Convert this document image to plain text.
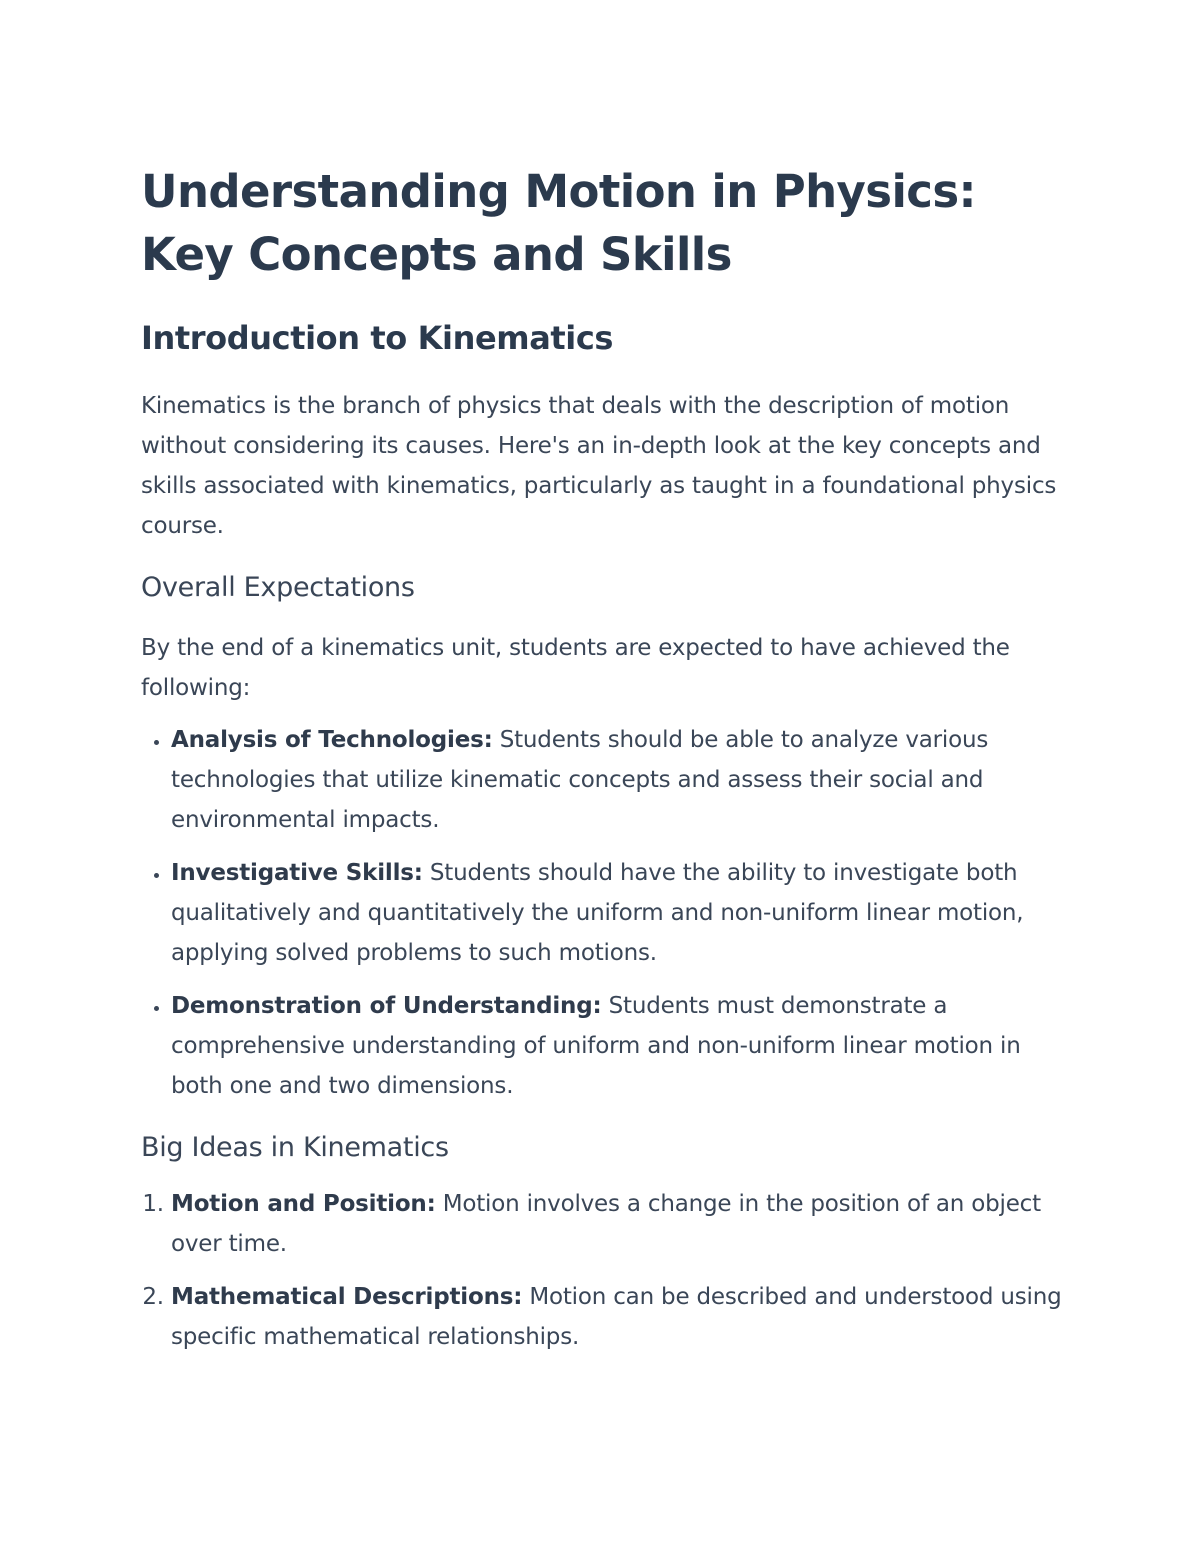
Understanding Motion in Physics: Key Concepts and Skills
Introduction to Kinematics

Kinematics is the branch of physics that deals with the description of motion without considering its causes. Here's an in-depth look at the key concepts and skills associated with kinematics, particularly as taught in a foundational physics course.

Overall Expectations

By the end of a kinematics unit, students are expected to have achieved the following:

• Analysis of Technologies: Students should be able to analyze various technologies that utilize kinematic concepts and assess their social and environmental impacts.
• Investigative Skills: Students should have the ability to investigate both qualitatively and quantitatively the uniform and non-uniform linear motion, applying solved problems to such motions.
• Demonstration of Understanding: Students must demonstrate a comprehensive understanding of uniform and non-uniform linear motion in both one and two dimensions.
Big Ideas in Kinematics
1. Motion and Position: Motion involves a change in the position of an object over time.
2. Mathematical Descriptions: Motion can be described and understood using specific mathematical relationships.
